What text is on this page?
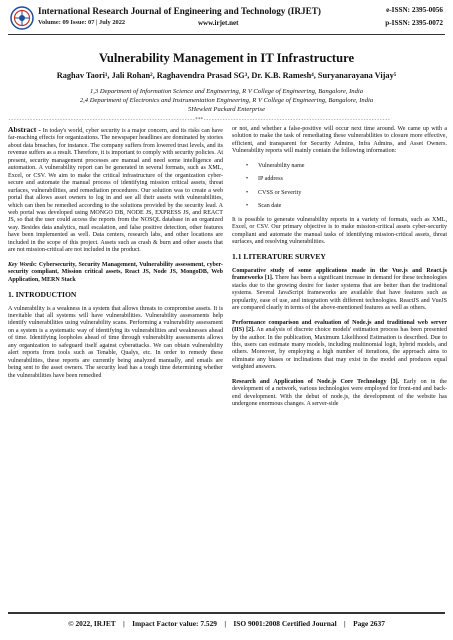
International Research Journal of Engineering and Technology (IRJET)	e-ISSN: 2395-0056
Volume: 09 Issue: 07 | July 2022	www.irjet.net	p-ISSN: 2395-0072
Vulnerability Management in IT Infrastructure
Raghav Taori¹, Jali Rohan², Raghavendra Prasad SG³, Dr. K.B. Ramesh⁴, Suryanarayana Vijay⁵
1,3 Department of Information Science and Engineering, R V College of Engineering, Bangalore, India
2,4 Department of Electronics and Instrumentation Engineering, R V College of Engineering, Bangalore, India
5Hewlett Packard Enterprise
---------------------------------------------------------------------***---------------------------------------------------------------------

Abstract - In today's world, cyber security is a major concern, and its risks can have far-reaching effects for organizations. The newspaper headlines are dominated by stories about data breaches, for instance. The company suffers from lowered trust levels, and its revenue suffers as a result. Therefore, it is important to comply with security policies. At present, security management processes are manual and need some intelligence and automation. A vulnerability report can be generated in several formats, such as XML, Excel, or CSV. We aim to make the critical infrastructure of the organization cyber-secure and automate the manual process of identifying mission critical assets, threat surfaces, vulnerabilities, and remediation procedures. Our solution was to create a web portal that allows asset owners to log in and see all their assets with vulnerabilities, which can then be remedied according to the solutions provided by the security lead. A web portal was developed using MONGO DB, NODE JS, EXPRESS JS, and REACT JS, so that the user could access the reports from the NOSQL database in an organized way. Besides data analytics, mail escalation, and false positive detection, other features have been implemented as well. Data centers, research labs, and other locations are included in the scope of this project. Assets such as crash & burn and other assets that are not mission-critical are not included in the product.

Key Words: Cybersecurity, Security Management, Vulnerability assessment, cyber-security compliant, Mission critical assets, React JS, Node JS, MongoDB, Web Application, MERN Stack

1. INTRODUCTION

A vulnerability is a weakness in a system that allows threats to compromise assets. It is inevitable that all systems will have vulnerabilities. Vulnerability assessments help identify vulnerabilities using vulnerability scans. Performing a vulnerability assessment on a system is a systematic way of identifying its vulnerabilities and weaknesses ahead of time. Identifying loopholes ahead of time through vulnerability assessments allows any organization to safeguard itself against cyberattacks. We can obtain vulnerability alert reports from tools such as Tenable, Qualys, etc. In order to remedy these vulnerabilities, these reports are currently being analyzed manually, and emails are being sent to the asset owners. The security lead has a tough time determining whether the vulnerabilities have been remedied

or not, and whether a false-positive will occur next time around. We came up with a solution to make the task of remediating these vulnerabilities to closure more effective, efficient, and transparent for Security Admins, Infra Admins, and Asset Owners. Vulnerability reports will mainly contain the following information:

• Vulnerability name
• IP address
• CVSS or Severity
• Scan date

It is possible to generate vulnerability reports in a variety of formats, such as XML, Excel, or CSV. Our primary objective is to make mission-critical assets cyber-security compliant and automate the manual tasks of identifying mission-critical assets, threat surfaces, and resolving vulnerabilities.

1.1 LITERATURE SURVEY

Comparative study of some applications made in the Vue.js and React.js frameworks [1]. There has been a significant increase in demand for these technologies stacks due to the growing desire for faster systems that are better than the traditional systems. Several JavaScript frameworks are available that have features such as popularity, ease of use, and integration with different technologies. ReactJS and VueJS are compared clearly in terms of the above-mentioned features as well as others.

Performance comparison and evaluation of Node.js and traditional web server (IIS) [2]. An analysis of discrete choice models' estimation process has been presented by the author. In the publication, Maximum Likelihood Estimation is described. Due to this, users can estimate many models, including multinomial logit, hybrid models, and others. Moreover, by employing a high number of iterations, the approach aims to eliminate any biases or inclinations that may exist in the model and produces equal weighted answers.

Research and Application of Node.js Core Technology [3]. Early on in the development of a network, various technologies were employed for front-end and back-end development. With the debut of node.js, the development of the website has undergone enormous changes. A server-side

© 2022, IRJET    |    Impact Factor value: 7.529    |    ISO 9001:2008 Certified Journal    |    Page 2637
